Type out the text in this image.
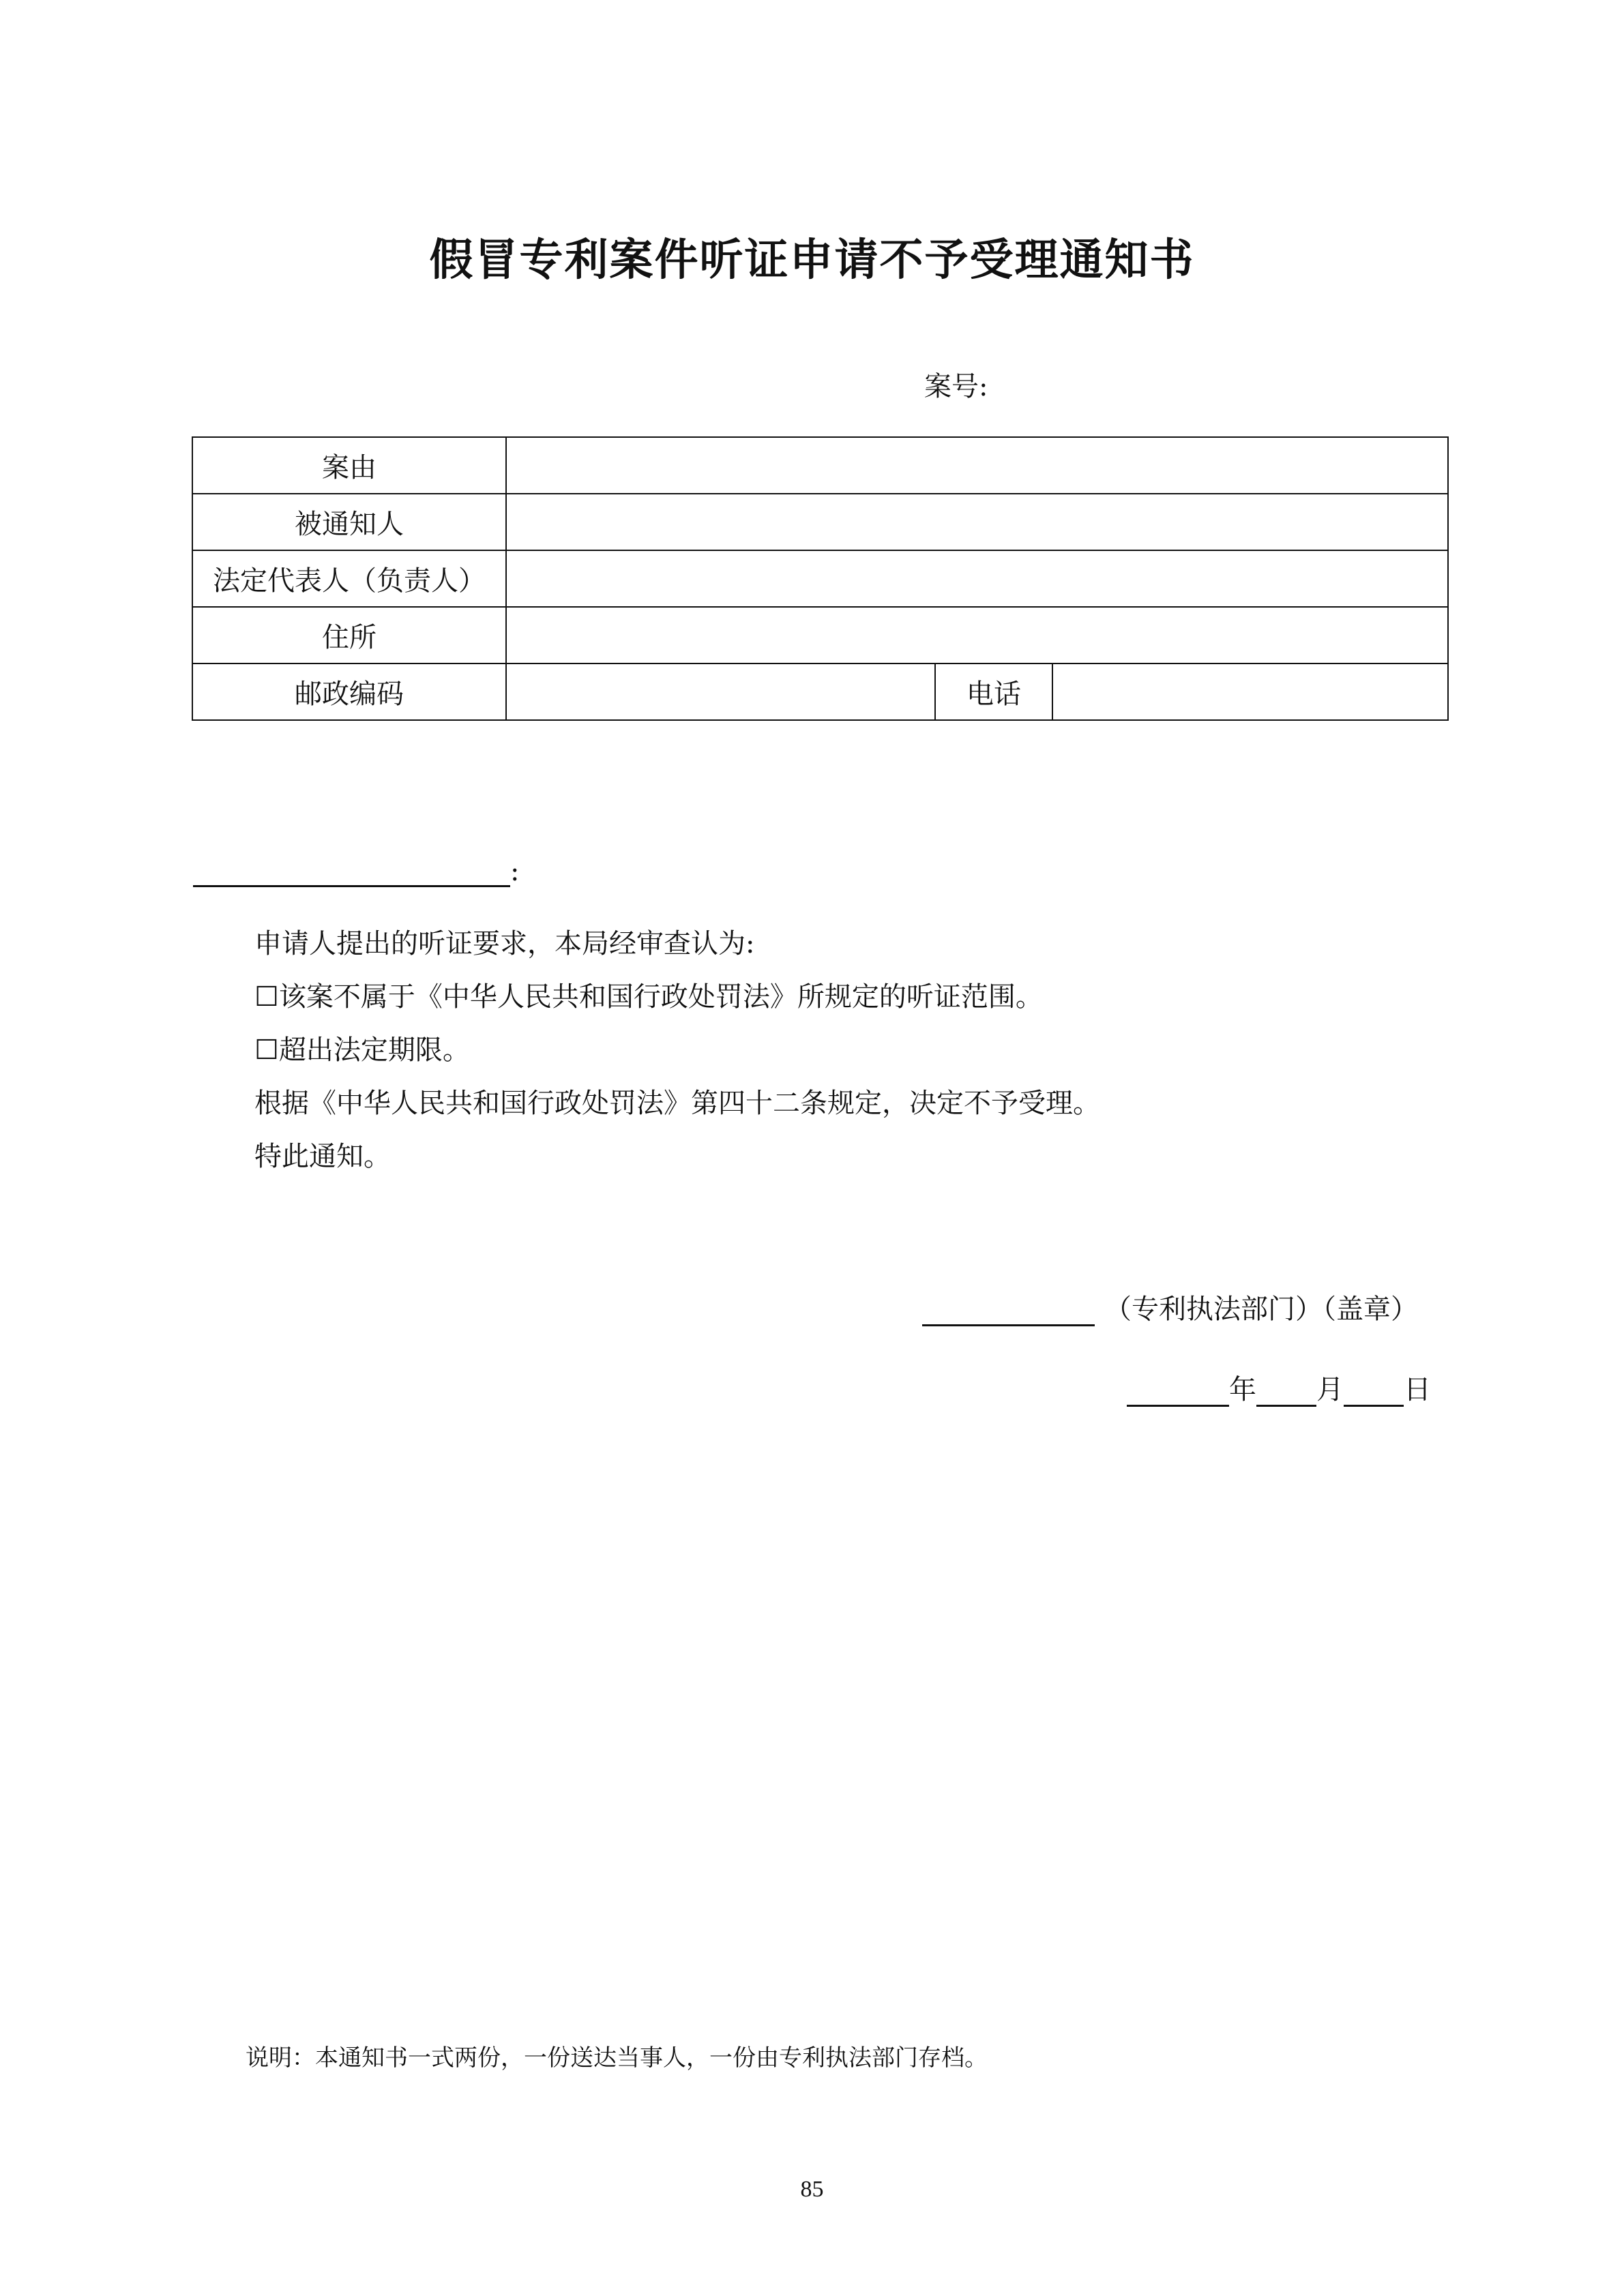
假冒专利案件听证申请不予受理通知书
案号:
案由			
被通知人			
法定代表人（负责人）			
住所			
邮政编码		电话	
:

申请人提出的听证要求，本局经审查认为:

☐该案不属于《中华人民共和国行政处罚法》所规定的听证范围。

☐超出法定期限。

根据《中华人民共和国行政处罚法》第四十二条规定，决定不予受理。

特此通知。

（专利执法部门）（盖章）
年 月 日
说明：本通知书一式两份，一份送达当事人，一份由专利执法部门存档。
85
